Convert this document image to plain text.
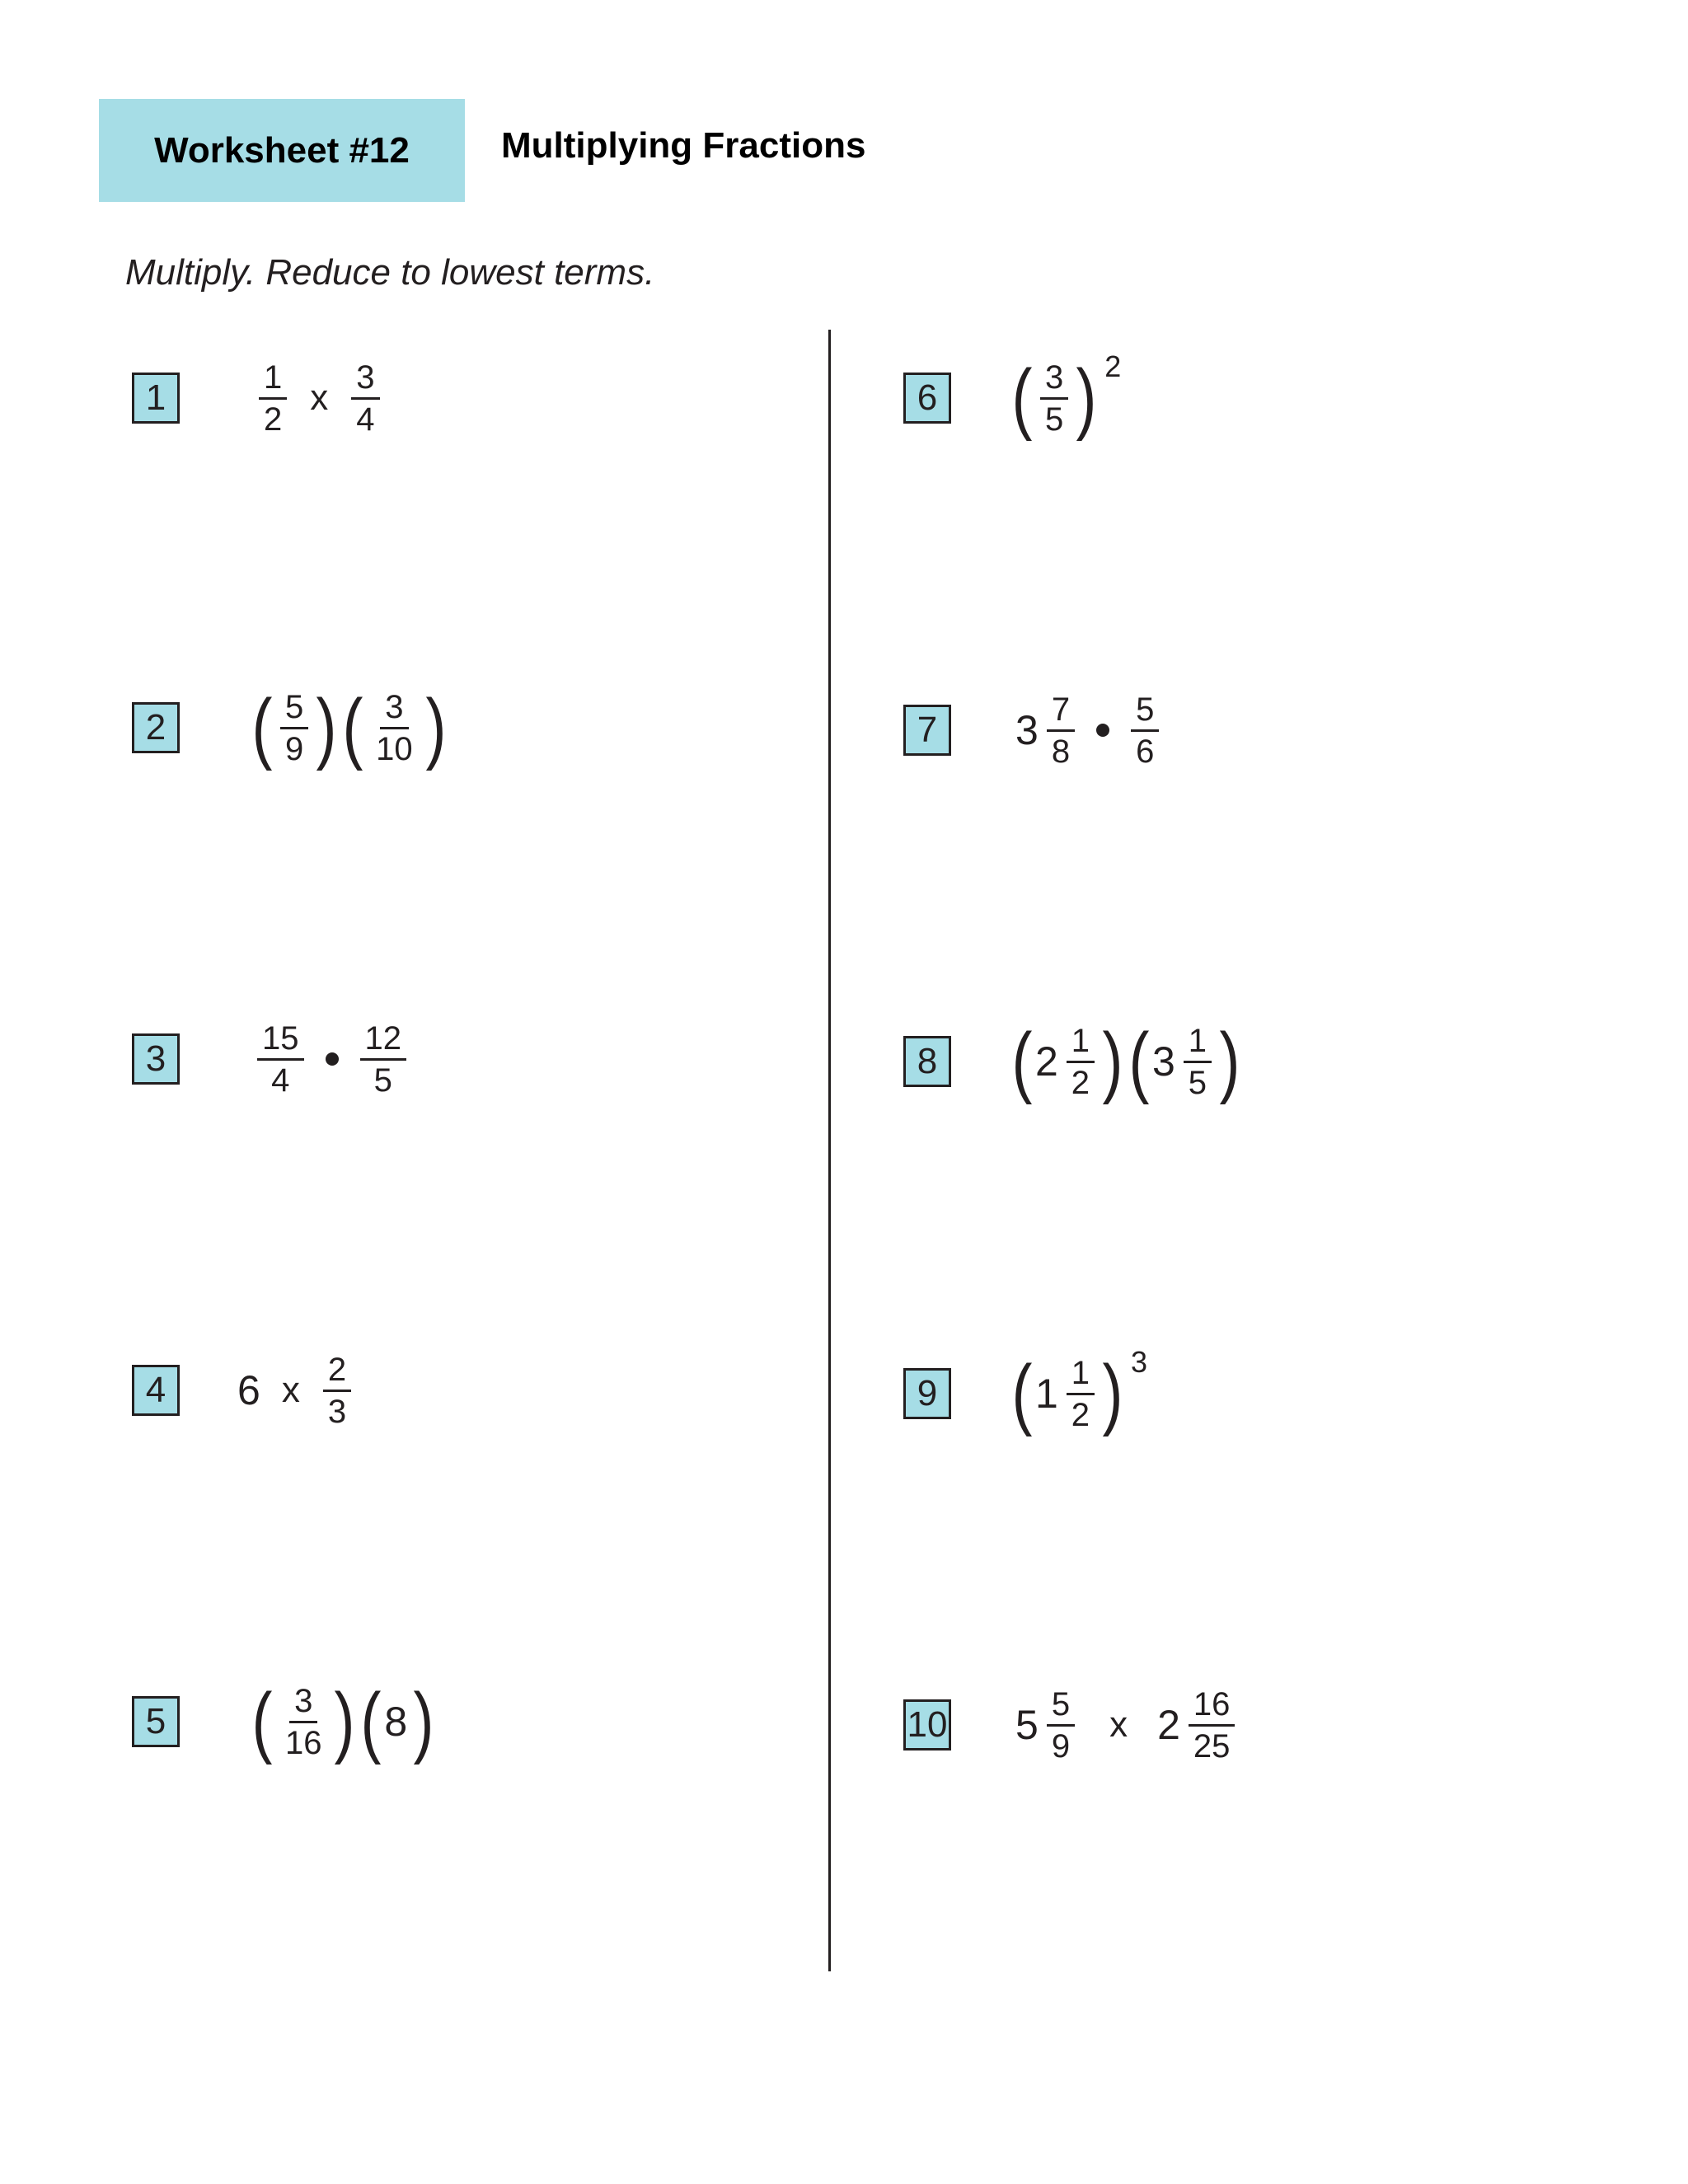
Worksheet #12	Multiplying Fractions
Multiply. Reduce to lowest terms.
1	$\frac{1}{2}$ x $\frac{3}{4}$
2 ( $\frac{5}{9}$ ) ( $\frac{3}{10}$ )
3	$\frac{15}{4} \frac{12}{5}$
4	6 x $\frac{2}{3}$
5 ( $\frac{3}{16}$ ) ( 8 )
6 ( $\frac{3}{5}$ ) 2
7	$3 \frac{7}{8} \frac{5}{6}$
8 ( $2 \frac{1}{2}$ ) ( $3 \frac{1}{5}$ )
9 ( $1 \frac{1}{2}$ ) 3
10 $5 \frac{5}{9}$ x $2 \frac{16}{25}$
